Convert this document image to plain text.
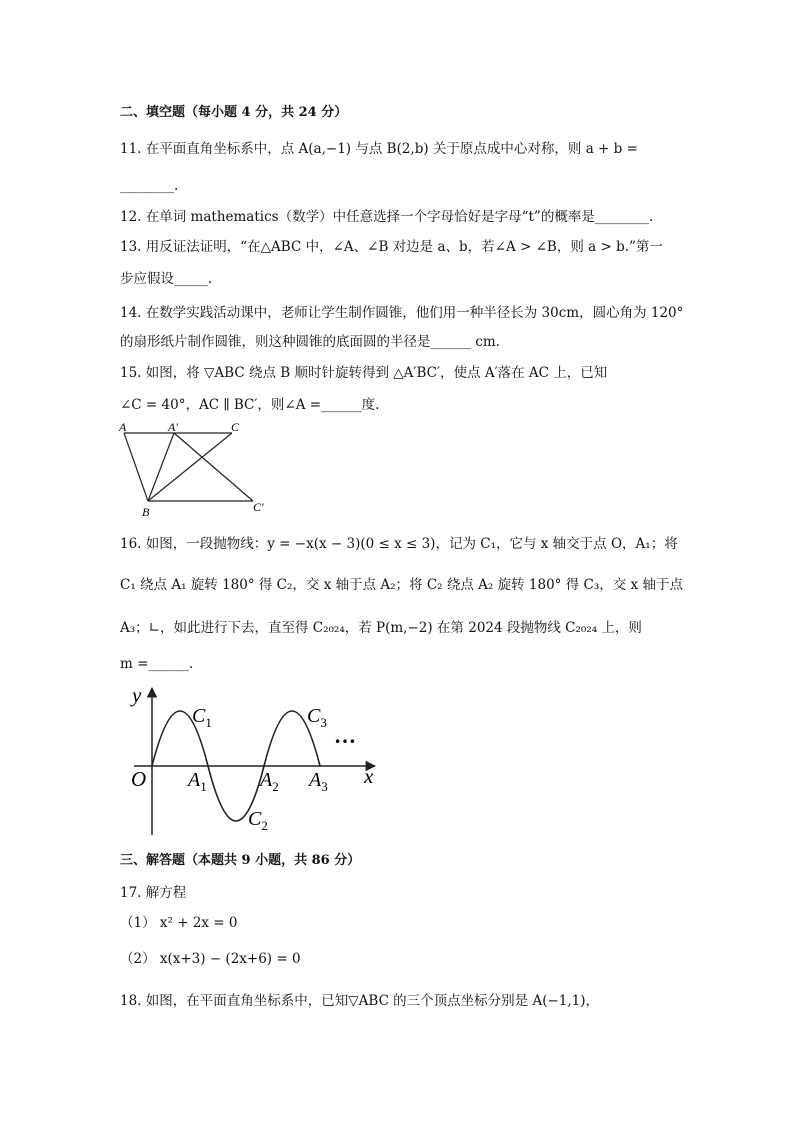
二、填空题（每小题 4 分，共 24 分）
11. 在平面直角坐标系中，点 A(a,−1) 与点 B(2,b) 关于原点成中心对称，则 a + b =
________.
12. 在单词 mathematics（数学）中任意选择一个字母恰好是字母“t”的概率是________.
13. 用反证法证明，“在△ABC 中，∠A、∠B 对边是 a、b，若∠A > ∠B，则 a > b.”第一
步应假设_____.
14. 在数学实践活动课中，老师让学生制作圆锥，他们用一种半径长为 30cm，圆心角为 120°
的扇形纸片制作圆锥，则这种圆锥的底面圆的半径是______ cm.
15. 如图，将 ▽ABC 绕点 B 顺时针旋转得到 △A′BC′，使点 A′落在 AC 上，已知
∠C = 40°，AC ∥ BC′，则∠A =______度.
A	A′	C
B	C′
16. 如图，一段抛物线：y = −x(x − 3)(0 ≤ x ≤ 3)，记为 C₁，它与 x 轴交于点 O，A₁；将
C₁ 绕点 A₁ 旋转 180° 得 C₂，交 x 轴于点 A₂；将 C₂ 绕点 A₂ 旋转 180° 得 C₃，交 x 轴于点
A₃；∟，如此进行下去，直至得 C₂₀₂₄，若 P(m,−2) 在第 2024 段抛物线 C₂₀₂₄ 上，则
m =______.
y
x
O $A_1$	$A_2$ $A_3$
$C_1$
$C_2$
$C_3$
…
三、解答题（本题共 9 小题，共 86 分）
17. 解方程
（1） x² + 2x = 0
（2） x(x+3) − (2x+6) = 0
18. 如图，在平面直角坐标系中，已知▽ABC 的三个顶点坐标分别是 A(−1,1)，
